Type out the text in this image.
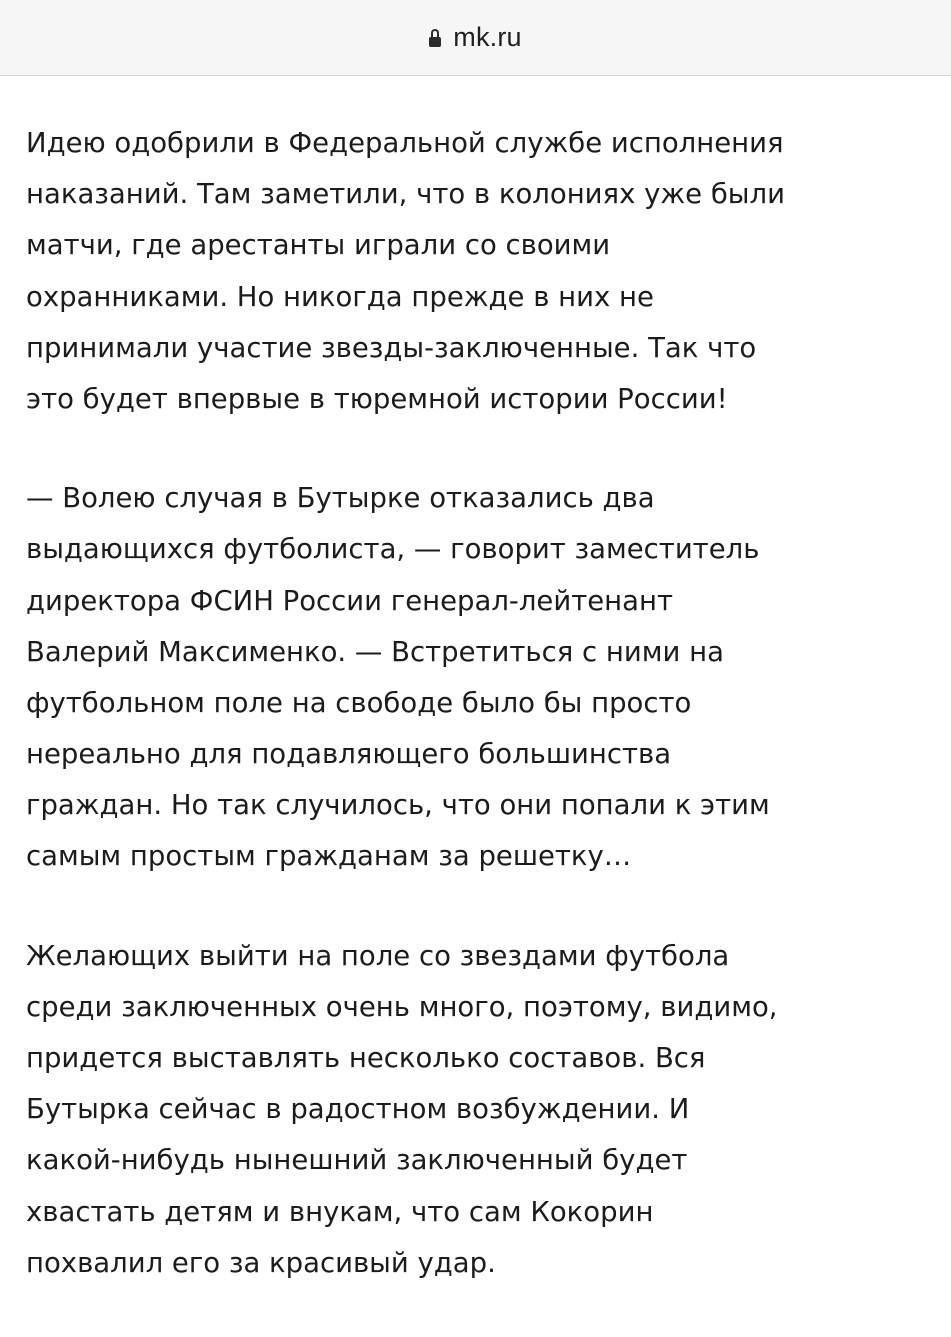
mk.ru

Идею одобрили в Федеральной службе исполнения
наказаний. Там заметили, что в колониях уже были
матчи, где арестанты играли со своими
охранниками. Но никогда прежде в них не
принимали участие звезды-заключенные. Так что
это будет впервые в тюремной истории России!

— Волею случая в Бутырке отказались два
выдающихся футболиста, — говорит заместитель
директора ФСИН России генерал-лейтенант
Валерий Максименко. — Встретиться с ними на
футбольном поле на свободе было бы просто
нереально для подавляющего большинства
граждан. Но так случилось, что они попали к этим
самым простым гражданам за решетку…

Желающих выйти на поле со звездами футбола
среди заключенных очень много, поэтому, видимо,
придется выставлять несколько составов. Вся
Бутырка сейчас в радостном возбуждении. И
какой-нибудь нынешний заключенный будет
хвастать детям и внукам, что сам Кокорин
похвалил его за красивый удар.
